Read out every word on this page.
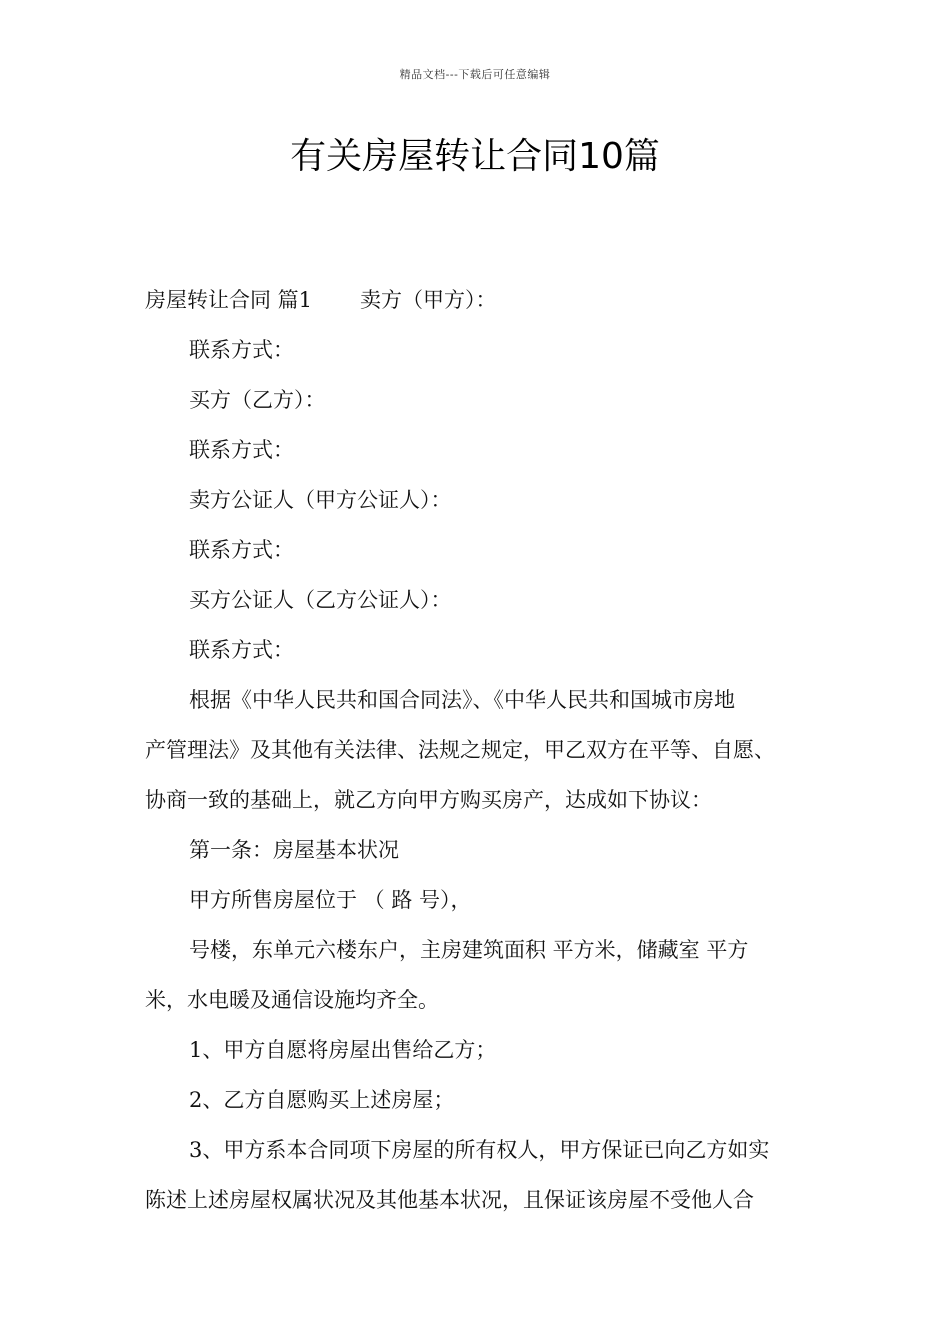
精品文档---下载后可任意编辑
有关房屋转让合同10篇
房屋转让合同 篇1 卖方（甲方）：
联系方式：
买方（乙方）：
联系方式：
卖方公证人（甲方公证人）：
联系方式：
买方公证人（乙方公证人）：
联系方式：
根据《中华人民共和国合同法》、《中华人民共和国城市房地
产管理法》及其他有关法律、法规之规定，甲乙双方在平等、自愿、
协商一致的基础上，就乙方向甲方购买房产，达成如下协议：
第一条：房屋基本状况
甲方所售房屋位于 （ 路 号），
号楼，东单元六楼东户，主房建筑面积 平方米，储藏室 平方
米，水电暖及通信设施均齐全。
1、甲方自愿将房屋出售给乙方；
2、乙方自愿购买上述房屋；
3、甲方系本合同项下房屋的所有权人，甲方保证已向乙方如实
陈述上述房屋权属状况及其他基本状况，且保证该房屋不受他人合
